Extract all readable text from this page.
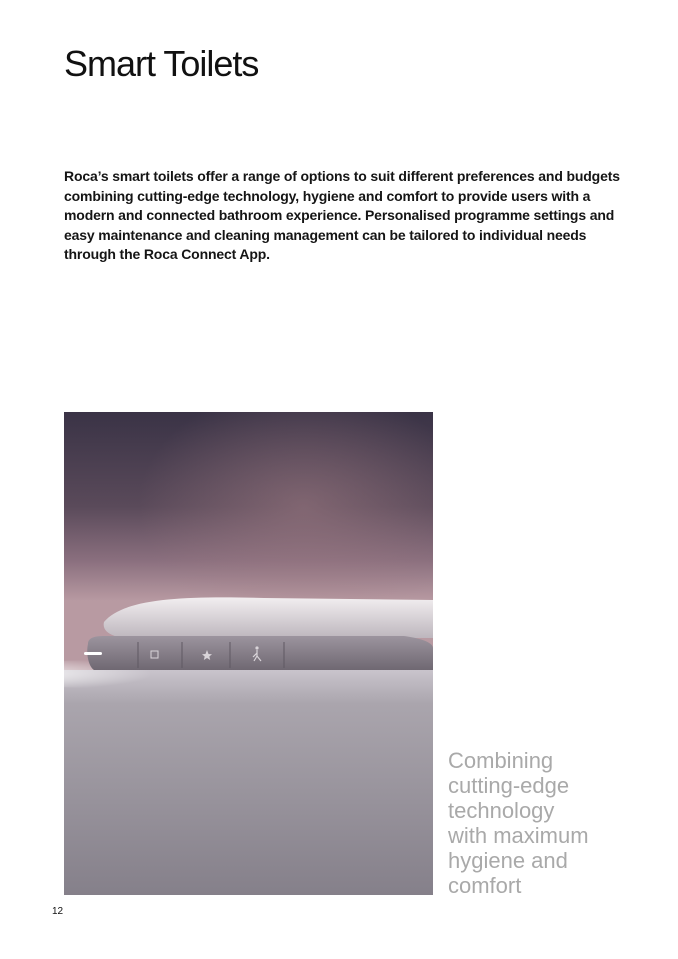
Smart Toilets

Roca’s smart toilets offer a range of options to suit different preferences and budgets combining cutting-edge technology, hygiene and comfort to provide users with a modern and connected bathroom experience. Personalised programme settings and easy maintenance and cleaning management can be tailored to individual needs through the Roca Connect App.

Combining
cutting-edge
technology
with maximum
hygiene and
comfort

12
